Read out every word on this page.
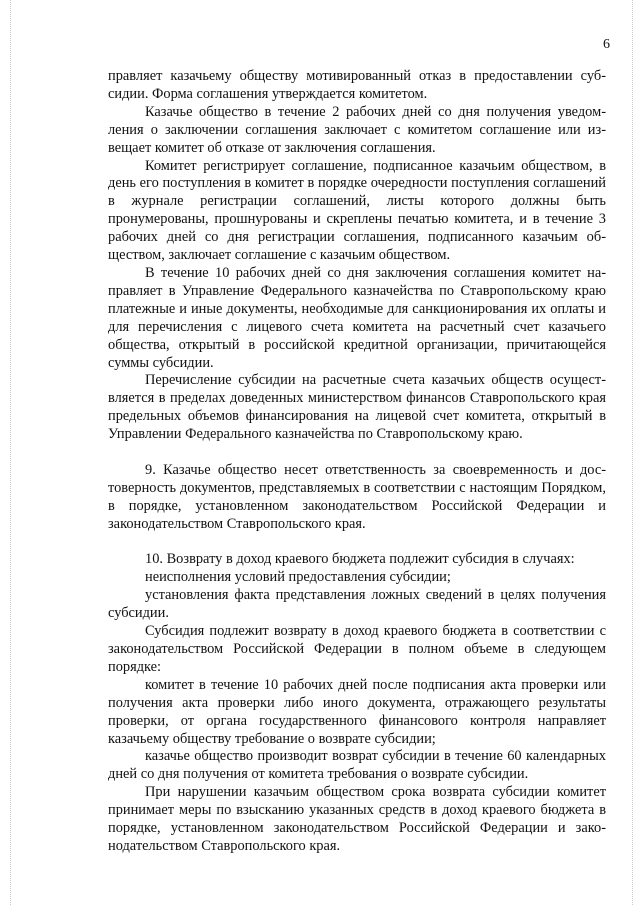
6

правляет казачьему обществу мотивированный отказ в предоставлении субсидии. Форма соглашения утверждается комитетом.

Казачье общество в течение 2 рабочих дней со дня получения уведомления о заключении соглашения заключает с комитетом соглашение или извещает комитет об отказе от заключения соглашения.

Комитет регистрирует соглашение, подписанное казачьим обществом, в день его поступления в комитет в порядке очередности поступления соглашений в журнале регистрации соглашений, листы которого должны быть пронумерованы, прошнурованы и скреплены печатью комитета, и в течение 3 рабочих дней со дня регистрации соглашения, подписанного казачьим обществом, заключает соглашение с казачьим обществом.

В течение 10 рабочих дней со дня заключения соглашения комитет направляет в Управление Федерального казначейства по Ставропольскому краю платежные и иные документы, необходимые для санкционирования их оплаты и для перечисления с лицевого счета комитета на расчетный счет казачьего общества, открытый в российской кредитной организации, причитающейся суммы субсидии.

Перечисление субсидии на расчетные счета казачьих обществ осуществляется в пределах доведенных министерством финансов Ставропольского края предельных объемов финансирования на лицевой счет комитета, открытый в Управлении Федерального казначейства по Ставропольскому краю.

9. Казачье общество несет ответственность за своевременность и достоверность документов, представляемых в соответствии с настоящим Порядком, в порядке, установленном законодательством Российской Федерации и законодательством Ставропольского края.

10. Возврату в доход краевого бюджета подлежит субсидия в случаях:

неисполнения условий предоставления субсидии;

установления факта представления ложных сведений в целях получения субсидии.

Субсидия подлежит возврату в доход краевого бюджета в соответствии с законодательством Российской Федерации в полном объеме в следующем порядке:

комитет в течение 10 рабочих дней после подписания акта проверки или получения акта проверки либо иного документа, отражающего результаты проверки, от органа государственного финансового контроля направляет казачьему обществу требование о возврате субсидии;

казачье общество производит возврат субсидии в течение 60 календарных дней со дня получения от комитета требования о возврате субсидии.

При нарушении казачьим обществом срока возврата субсидии комитет принимает меры по взысканию указанных средств в доход краевого бюджета в порядке, установленном законодательством Российской Федерации и законодательством Ставропольского края.
